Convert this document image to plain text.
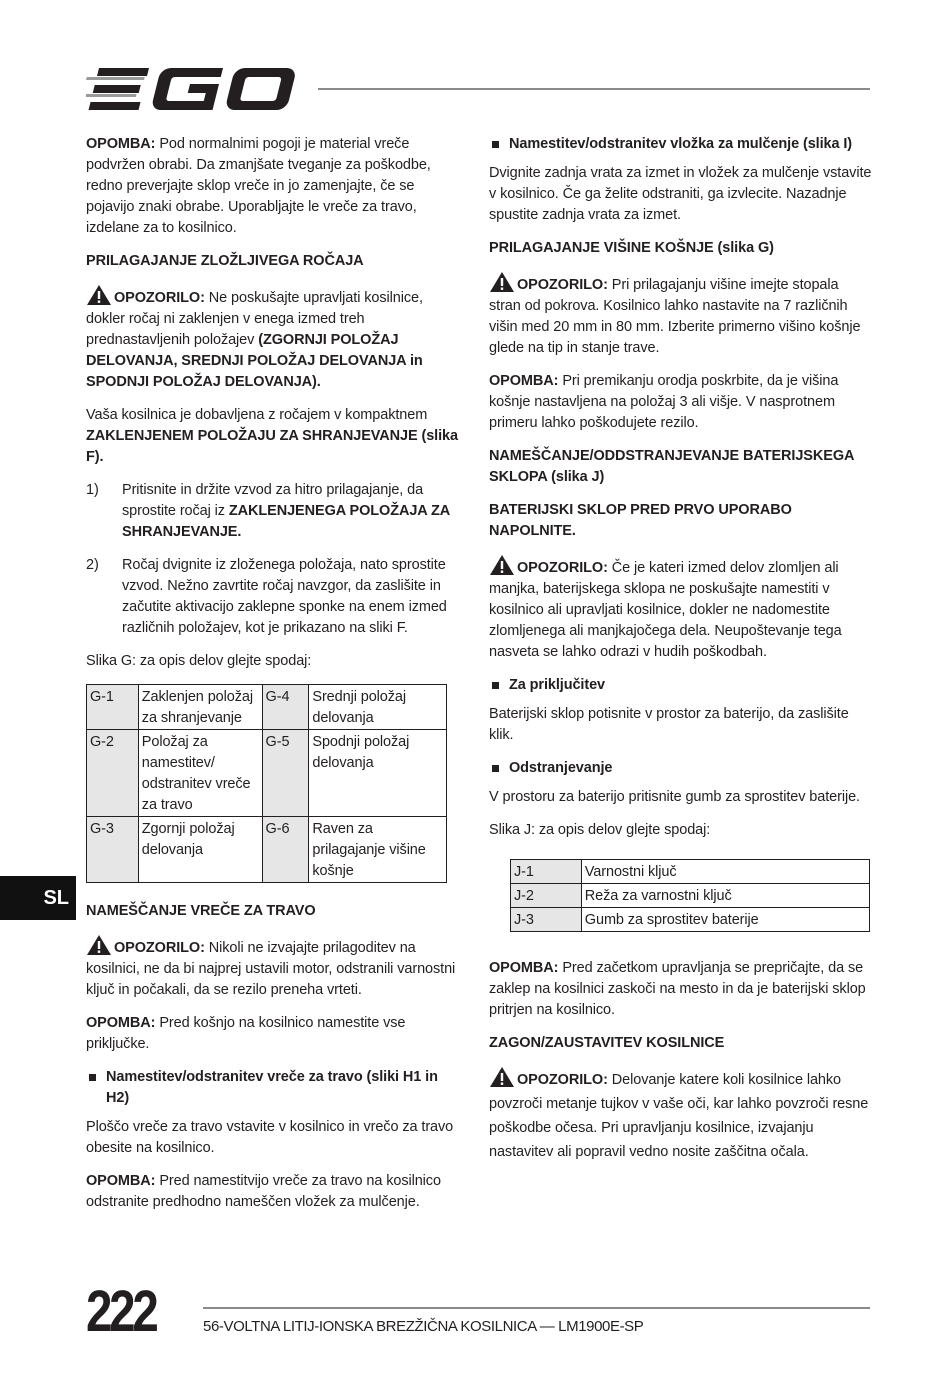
OPOMBA: Pod normalnimi pogoji je material vreče podvržen obrabi. Da zmanjšate tveganje za poškodbe, redno preverjajte sklop vreče in jo zamenjajte, če se pojavijo znaki obrabe. Uporabljajte le vreče za travo, izdelane za to kosilnico.

PRILAGAJANJE ZLOŽLJIVEGA ROČAJA

OPOZORILO: Ne poskušajte upravljati kosilnice, dokler ročaj ni zaklenjen v enega izmed treh prednastavljenih položajev (ZGORNJI POLOŽAJ DELOVANJA, SREDNJI POLOŽAJ DELOVANJA in SPODNJI POLOŽAJ DELOVANJA).

Vaša kosilnica je dobavljena z ročajem v kompaktnem ZAKLENJENEM POLOŽAJU ZA SHRANJEVANJE (slika F).

1) Pritisnite in držite vzvod za hitro prilagajanje, da sprostite ročaj iz ZAKLENJENEGA POLOŽAJA ZA SHRANJEVANJE.
2) Ročaj dvignite iz zloženega položaja, nato sprostite vzvod. Nežno zavrtite ročaj navzgor, da zaslišite in začutite aktivacijo zaklepne sponke na enem izmed različnih položajev, kot je prikazano na sliki F.

Slika G: za opis delov glejte spodaj:

G-1	Zaklenjen položaj za shranjevanje	G-4	Srednji položaj delovanja
G-2	Položaj za namestitev/ odstranitev vreče za travo	G-5	Spodnji položaj delovanja
G-3	Zgornji položaj delovanja	G-6	Raven za prilagajanje višine košnje
NAMEŠČANJE VREČE ZA TRAVO

OPOZORILO: Nikoli ne izvajajte prilagoditev na kosilnici, ne da bi najprej ustavili motor, odstranili varnostni ključ in počakali, da se rezilo preneha vrteti.

OPOMBA: Pred košnjo na kosilnico namestite vse priključke.

Namestitev/odstranitev vreče za travo (sliki H1 in H2)

Ploščo vreče za travo vstavite v kosilnico in vrečo za travo obesite na kosilnico.

OPOMBA: Pred namestitvijo vreče za travo na kosilnico odstranite predhodno nameščen vložek za mulčenje.

Namestitev/odstranitev vložka za mulčenje (slika I)

Dvignite zadnja vrata za izmet in vložek za mulčenje vstavite v kosilnico. Če ga želite odstraniti, ga izvlecite. Nazadnje spustite zadnja vrata za izmet.

PRILAGAJANJE VIŠINE KOŠNJE (slika G)

OPOZORILO: Pri prilagajanju višine imejte stopala stran od pokrova. Kosilnico lahko nastavite na 7 različnih višin med 20 mm in 80 mm. Izberite primerno višino košnje glede na tip in stanje trave.

OPOMBA: Pri premikanju orodja poskrbite, da je višina košnje nastavljena na položaj 3 ali višje. V nasprotnem primeru lahko poškodujete rezilo.

NAMEŠČANJE/ODDSTRANJEVANJE BATERIJSKEGA SKLOPA (slika J)
BATERIJSKI SKLOP PRED PRVO UPORABO NAPOLNITE.

OPOZORILO: Če je kateri izmed delov zlomljen ali manjka, baterijskega sklopa ne poskušajte namestiti v kosilnico ali upravljati kosilnice, dokler ne nadomestite zlomljenega ali manjkajočega dela. Neupoštevanje tega nasveta se lahko odrazi v hudih poškodbah.

Za priključitev

Baterijski sklop potisnite v prostor za baterijo, da zaslišite klik.

Odstranjevanje

V prostoru za baterijo pritisnite gumb za sprostitev baterije.

Slika J: za opis delov glejte spodaj:

J-1	Varnostni ključ
J-2	Reža za varnostni ključ
J-3	Gumb za sprostitev baterije

OPOMBA: Pred začetkom upravljanja se prepričajte, da se zaklep na kosilnici zaskoči na mesto in da je baterijski sklop pritrjen na kosilnico.

ZAGON/ZAUSTAVITEV KOSILNICE

OPOZORILO: Delovanje katere koli kosilnice lahko povzroči metanje tujkov v vaše oči, kar lahko povzroči resne poškodbe očesa. Pri upravljanju kosilnice, izvajanju nastavitev ali popravil vedno nosite zaščitna očala.

SL
222	56-VOLTNA LITIJ-IONSKA BREZŽIČNA KOSILNICA — LM1900E-SP
